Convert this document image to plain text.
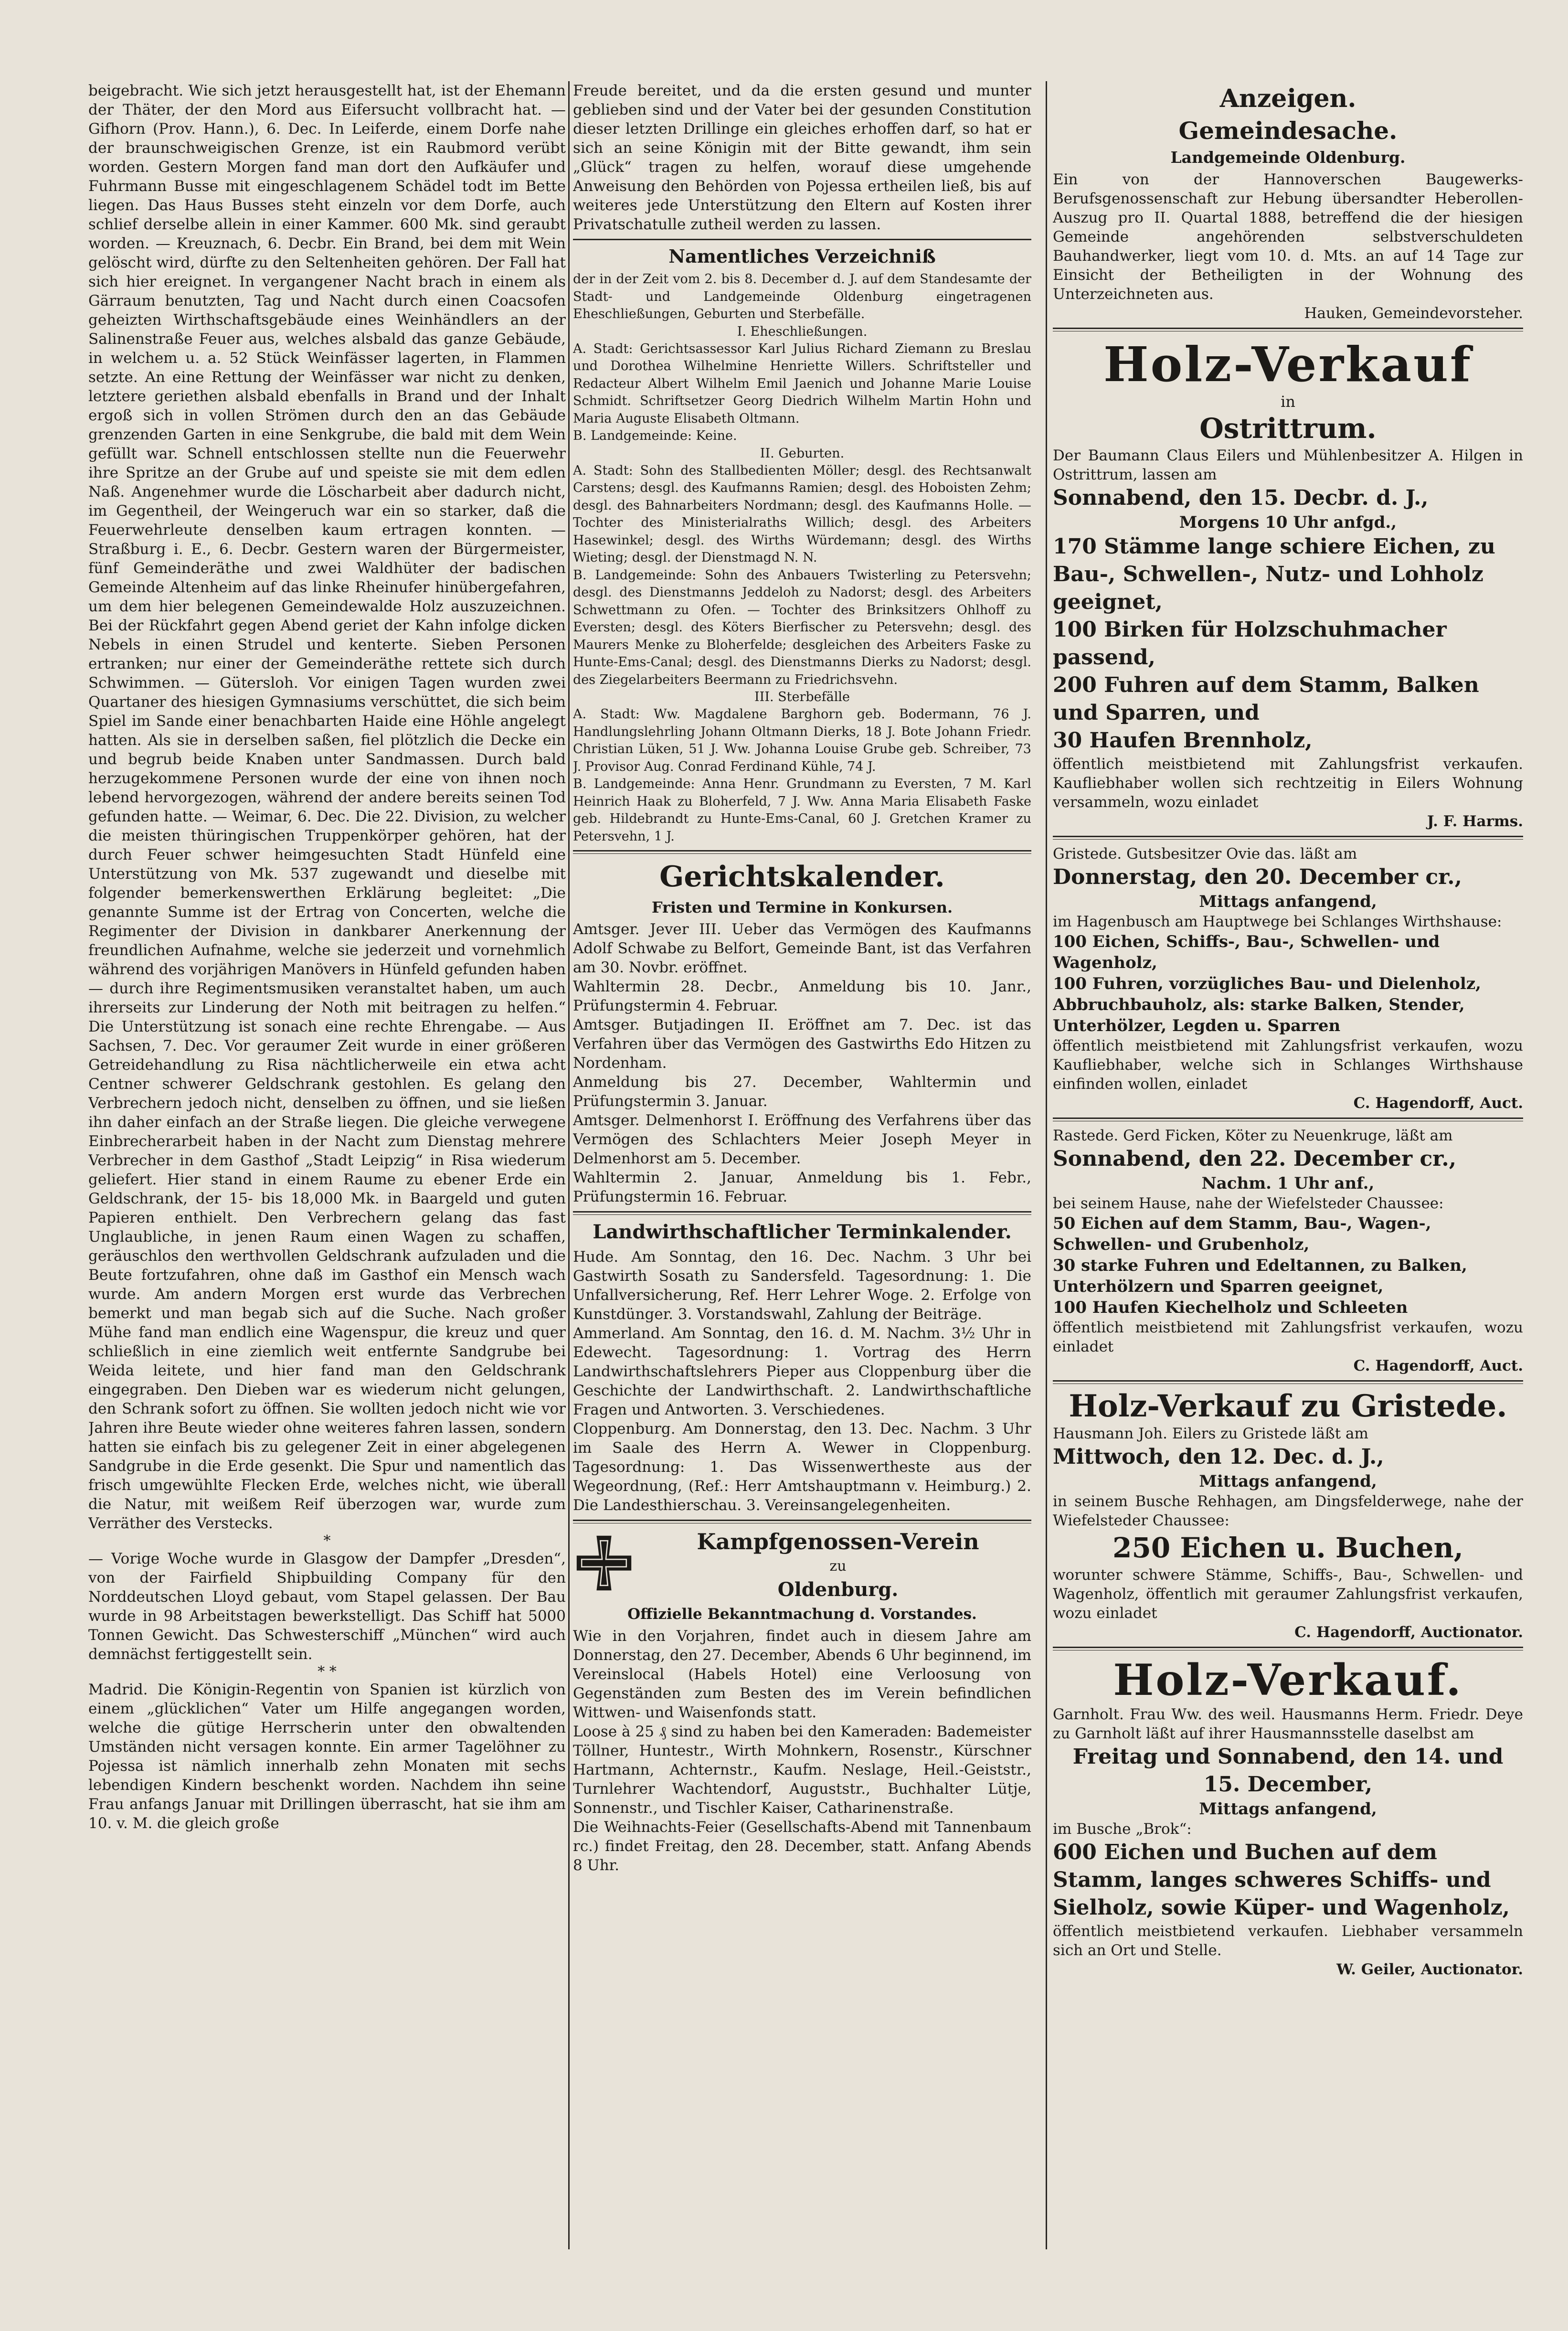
beigebracht. Wie sich jetzt herausgestellt hat, ist der Ehemann der Thäter, der den Mord aus Eifersucht vollbracht hat. — Gifhorn (Prov. Hann.), 6. Dec. In Leiferde, einem Dorfe nahe der braunschweigischen Grenze, ist ein Raubmord verübt worden. Gestern Morgen fand man dort den Aufkäufer und Fuhrmann Busse mit eingeschlagenem Schädel todt im Bette liegen. Das Haus Busses steht einzeln vor dem Dorfe, auch schlief derselbe allein in einer Kammer. 600 Mk. sind geraubt worden. — Kreuznach, 6. Decbr. Ein Brand, bei dem mit Wein gelöscht wird, dürfte zu den Seltenheiten gehören. Der Fall hat sich hier ereignet. In vergangener Nacht brach in einem als Gärraum benutzten, Tag und Nacht durch einen Coacsofen geheizten Wirthschaftsgebäude eines Weinhändlers an der Salinenstraße Feuer aus, welches alsbald das ganze Gebäude, in welchem u. a. 52 Stück Weinfässer lagerten, in Flammen setzte. An eine Rettung der Weinfässer war nicht zu denken, letztere geriethen alsbald ebenfalls in Brand und der Inhalt ergoß sich in vollen Strömen durch den an das Gebäude grenzenden Garten in eine Senkgrube, die bald mit dem Wein gefüllt war. Schnell entschlossen stellte nun die Feuerwehr ihre Spritze an der Grube auf und speiste sie mit dem edlen Naß. Angenehmer wurde die Löscharbeit aber dadurch nicht, im Gegentheil, der Weingeruch war ein so starker, daß die Feuerwehrleute denselben kaum ertragen konnten. — Straßburg i. E., 6. Decbr. Gestern waren der Bürgermeister, fünf Gemeinderäthe und zwei Waldhüter der badischen Gemeinde Altenheim auf das linke Rheinufer hinübergefahren, um dem hier belegenen Gemeindewalde Holz auszuzeichnen. Bei der Rückfahrt gegen Abend geriet der Kahn infolge dicken Nebels in einen Strudel und kenterte. Sieben Personen ertranken; nur einer der Gemeinderäthe rettete sich durch Schwimmen. — Gütersloh. Vor einigen Tagen wurden zwei Quartaner des hiesigen Gymnasiums verschüttet, die sich beim Spiel im Sande einer benachbarten Haide eine Höhle angelegt hatten. Als sie in derselben saßen, fiel plötzlich die Decke ein und begrub beide Knaben unter Sandmassen. Durch bald herzugekommene Personen wurde der eine von ihnen noch lebend hervorgezogen, während der andere bereits seinen Tod gefunden hatte. — Weimar, 6. Dec. Die 22. Division, zu welcher die meisten thüringischen Truppenkörper gehören, hat der durch Feuer schwer heimgesuchten Stadt Hünfeld eine Unterstützung von Mk. 537 zugewandt und dieselbe mit folgender bemerkenswerthen Erklärung begleitet: „Die genannte Summe ist der Ertrag von Concerten, welche die Regimenter der Division in dankbarer Anerkennung der freundlichen Aufnahme, welche sie jederzeit und vornehmlich während des vorjährigen Manövers in Hünfeld gefunden haben — durch ihre Regimentsmusiken veranstaltet haben, um auch ihrerseits zur Linderung der Noth mit beitragen zu helfen.“ Die Unterstützung ist sonach eine rechte Ehrengabe. — Aus Sachsen, 7. Dec. Vor geraumer Zeit wurde in einer größeren Getreidehandlung zu Risa nächtlicherweile ein etwa acht Centner schwerer Geldschrank gestohlen. Es gelang den Verbrechern jedoch nicht, denselben zu öffnen, und sie ließen ihn daher einfach an der Straße liegen. Die gleiche verwegene Einbrecherarbeit haben in der Nacht zum Dienstag mehrere Verbrecher in dem Gasthof „Stadt Leipzig“ in Risa wiederum geliefert. Hier stand in einem Raume zu ebener Erde ein Geldschrank, der 15- bis 18,000 Mk. in Baargeld und guten Papieren enthielt. Den Verbrechern gelang das fast Unglaubliche, in jenen Raum einen Wagen zu schaffen, geräuschlos den werthvollen Geldschrank aufzuladen und die Beute fortzufahren, ohne daß im Gasthof ein Mensch wach wurde. Am andern Morgen erst wurde das Verbrechen bemerkt und man begab sich auf die Suche. Nach großer Mühe fand man endlich eine Wagenspur, die kreuz und quer schließlich in eine ziemlich weit entfernte Sandgrube bei Weida leitete, und hier fand man den Geldschrank eingegraben. Den Dieben war es wiederum nicht gelungen, den Schrank sofort zu öffnen. Sie wollten jedoch nicht wie vor Jahren ihre Beute wieder ohne weiteres fahren lassen, sondern hatten sie einfach bis zu gelegener Zeit in einer abgelegenen Sandgrube in die Erde gesenkt. Die Spur und namentlich das frisch umgewühlte Flecken Erde, welches nicht, wie überall die Natur, mit weißem Reif überzogen war, wurde zum Verräther des Verstecks.

*

— Vorige Woche wurde in Glasgow der Dampfer „Dresden“, von der Fairfield Shipbuilding Company für den Norddeutschen Lloyd gebaut, vom Stapel gelassen. Der Bau wurde in 98 Arbeitstagen bewerkstelligt. Das Schiff hat 5000 Tonnen Gewicht. Das Schwesterschiff „München“ wird auch demnächst fertiggestellt sein.

* *

Madrid. Die Königin-Regentin von Spanien ist kürzlich von einem „glücklichen“ Vater um Hilfe angegangen worden, welche die gütige Herrscherin unter den obwaltenden Umständen nicht versagen konnte. Ein armer Tagelöhner zu Pojessa ist nämlich innerhalb zehn Monaten mit sechs lebendigen Kindern beschenkt worden. Nachdem ihn seine Frau anfangs Januar mit Drillingen überrascht, hat sie ihm am 10. v. M. die gleich große

Freude bereitet, und da die ersten gesund und munter geblieben sind und der Vater bei der gesunden Constitution dieser letzten Drillinge ein gleiches erhoffen darf, so hat er sich an seine Königin mit der Bitte gewandt, ihm sein „Glück“ tragen zu helfen, worauf diese umgehende Anweisung den Behörden von Pojessa ertheilen ließ, bis auf weiteres jede Unterstützung den Eltern auf Kosten ihrer Privatschatulle zutheil werden zu lassen.

Namentliches Verzeichniß

der in der Zeit vom 2. bis 8. December d. J. auf dem Standesamte der Stadt- und Landgemeinde Oldenburg eingetragenen Eheschließungen, Geburten und Sterbefälle.

I. Eheschließungen.

A. Stadt: Gerichtsassessor Karl Julius Richard Ziemann zu Breslau und Dorothea Wilhelmine Henriette Willers. Schriftsteller und Redacteur Albert Wilhelm Emil Jaenich und Johanne Marie Louise Schmidt. Schriftsetzer Georg Diedrich Wilhelm Martin Hohn und Maria Auguste Elisabeth Oltmann.

B. Landgemeinde: Keine.

II. Geburten.

A. Stadt: Sohn des Stallbedienten Möller; desgl. des Rechtsanwalt Carstens; desgl. des Kaufmanns Ramien; desgl. des Hoboisten Zehm; desgl. des Bahnarbeiters Nordmann; desgl. des Kaufmanns Holle. — Tochter des Ministerialraths Willich; desgl. des Arbeiters Hasewinkel; desgl. des Wirths Würdemann; desgl. des Wirths Wieting; desgl. der Dienstmagd N. N.

B. Landgemeinde: Sohn des Anbauers Twisterling zu Petersvehn; desgl. des Dienstmanns Jeddeloh zu Nadorst; desgl. des Arbeiters Schwettmann zu Ofen. — Tochter des Brinksitzers Ohlhoff zu Eversten; desgl. des Köters Bierfischer zu Petersvehn; desgl. des Maurers Menke zu Bloherfelde; desgleichen des Arbeiters Faske zu Hunte-Ems-Canal; desgl. des Dienstmanns Dierks zu Nadorst; desgl. des Ziegelarbeiters Beermann zu Friedrichsvehn.

III. Sterbefälle

A. Stadt: Ww. Magdalene Barghorn geb. Bodermann, 76 J. Handlungslehrling Johann Oltmann Dierks, 18 J. Bote Johann Friedr. Christian Lüken, 51 J. Ww. Johanna Louise Grube geb. Schreiber, 73 J. Provisor Aug. Conrad Ferdinand Kühle, 74 J.

B. Landgemeinde: Anna Henr. Grundmann zu Eversten, 7 M. Karl Heinrich Haak zu Bloherfeld, 7 J. Ww. Anna Maria Elisabeth Faske geb. Hildebrandt zu Hunte-Ems-Canal, 60 J. Gretchen Kramer zu Petersvehn, 1 J.

Gerichtskalender.
Fristen und Termine in Konkursen.

Amtsger. Jever III. Ueber das Vermögen des Kaufmanns Adolf Schwabe zu Belfort, Gemeinde Bant, ist das Verfahren am 30. Novbr. eröffnet.

Wahltermin 28. Decbr., Anmeldung bis 10. Janr., Prüfungstermin 4. Februar.

Amtsger. Butjadingen II. Eröffnet am 7. Dec. ist das Verfahren über das Vermögen des Gastwirths Edo Hitzen zu Nordenham.

Anmeldung bis 27. December, Wahltermin und Prüfungstermin 3. Januar.

Amtsger. Delmenhorst I. Eröffnung des Verfahrens über das Vermögen des Schlachters Meier Joseph Meyer in Delmenhorst am 5. December.

Wahltermin 2. Januar, Anmeldung bis 1. Febr., Prüfungstermin 16. Februar.

Landwirthschaftlicher Terminkalender.

Hude. Am Sonntag, den 16. Dec. Nachm. 3 Uhr bei Gastwirth Sosath zu Sandersfeld. Tagesordnung: 1. Die Unfallversicherung, Ref. Herr Lehrer Woge. 2. Erfolge von Kunstdünger. 3. Vorstandswahl, Zahlung der Beiträge.

Ammerland. Am Sonntag, den 16. d. M. Nachm. 3½ Uhr in Edewecht. Tagesordnung: 1. Vortrag des Herrn Landwirthschaftslehrers Pieper aus Cloppenburg über die Geschichte der Landwirthschaft. 2. Landwirthschaftliche Fragen und Antworten. 3. Verschiedenes.

Cloppenburg. Am Donnerstag, den 13. Dec. Nachm. 3 Uhr im Saale des Herrn A. Wewer in Cloppenburg. Tagesordnung: 1. Das Wissenwertheste aus der Wegeordnung, (Ref.: Herr Amtshauptmann v. Heimburg.) 2. Die Landesthierschau. 3. Vereinsangelegenheiten.

Kampfgenossen-Verein
zu
Oldenburg.
Offizielle Bekanntmachung d. Vorstandes.

Wie in den Vorjahren, findet auch in diesem Jahre am Donnerstag, den 27. December, Abends 6 Uhr beginnend, im Vereinslocal (Habels Hotel) eine Verloosung von Gegenständen zum Besten des im Verein befindlichen Wittwen- und Waisenfonds statt.

Loose à 25 ₰ sind zu haben bei den Kameraden: Bademeister Töllner, Huntestr., Wirth Mohnkern, Rosenstr., Kürschner Hartmann, Achternstr., Kaufm. Neslage, Heil.-Geiststr., Turnlehrer Wachtendorf, Auguststr., Buchhalter Lütje, Sonnenstr., und Tischler Kaiser, Catharinenstraße.

Die Weihnachts-Feier (Gesellschafts-Abend mit Tannenbaum rc.) findet Freitag, den 28. December, statt. Anfang Abends 8 Uhr.

Anzeigen.
Gemeindesache.
Landgemeinde Oldenburg.

Ein von der Hannoverschen Baugewerks-Berufsgenossenschaft zur Hebung übersandter Heberollen-Auszug pro II. Quartal 1888, betreffend die der hiesigen Gemeinde angehörenden selbstverschuldeten Bauhandwerker, liegt vom 10. d. Mts. an auf 14 Tage zur Einsicht der Betheiligten in der Wohnung des Unterzeichneten aus.

Hauken, Gemeindevorsteher.

Holz-Verkauf
in
Ostrittrum.

Der Baumann Claus Eilers und Mühlenbesitzer A. Hilgen in Ostrittrum, lassen am

Sonnabend, den 15. Decbr. d. J.,
Morgens 10 Uhr anfgd.,
170 Stämme lange schiere Eichen, zu Bau-, Schwellen-, Nutz- und Lohholz geeignet,
100 Birken für Holzschuhmacher passend,
200 Fuhren auf dem Stamm, Balken und Sparren, und
30 Haufen Brennholz,

öffentlich meistbietend mit Zahlungsfrist verkaufen. Kaufliebhaber wollen sich rechtzeitig in Eilers Wohnung versammeln, wozu einladet

J. F. Harms.

Gristede. Gutsbesitzer Ovie das. läßt am

Donnerstag, den 20. December cr.,
Mittags anfangend,

im Hagenbusch am Hauptwege bei Schlanges Wirthshause:

100 Eichen, Schiffs-, Bau-, Schwellen- und Wagenholz,
100 Fuhren, vorzügliches Bau- und Dielenholz,
Abbruchbauholz, als: starke Balken, Stender, Unterhölzer, Legden u. Sparren

öffentlich meistbietend mit Zahlungsfrist verkaufen, wozu Kaufliebhaber, welche sich in Schlanges Wirthshause einfinden wollen, einladet

C. Hagendorff, Auct.

Rastede. Gerd Ficken, Köter zu Neuenkruge, läßt am

Sonnabend, den 22. December cr.,
Nachm. 1 Uhr anf.,

bei seinem Hause, nahe der Wiefelsteder Chaussee:

50 Eichen auf dem Stamm, Bau-, Wagen-, Schwellen- und Grubenholz,
30 starke Fuhren und Edeltannen, zu Balken, Unterhölzern und Sparren geeignet,
100 Haufen Kiechelholz und Schleeten

öffentlich meistbietend mit Zahlungsfrist verkaufen, wozu einladet

C. Hagendorff, Auct.

Holz-Verkauf zu Gristede.

Hausmann Joh. Eilers zu Gristede läßt am

Mittwoch, den 12. Dec. d. J.,
Mittags anfangend,

in seinem Busche Rehhagen, am Dingsfelderwege, nahe der Wiefelsteder Chaussee:

250 Eichen u. Buchen,

worunter schwere Stämme, Schiffs-, Bau-, Schwellen- und Wagenholz, öffentlich mit geraumer Zahlungsfrist verkaufen, wozu einladet

C. Hagendorff, Auctionator.

Holz-Verkauf.

Garnholt. Frau Ww. des weil. Hausmanns Herm. Friedr. Deye zu Garnholt läßt auf ihrer Hausmannsstelle daselbst am

Freitag und Sonnabend, den 14. und 15. December,
Mittags anfangend,

im Busche „Brok“:

600 Eichen und Buchen auf dem Stamm, langes schweres Schiffs- und Sielholz, sowie Küper- und Wagenholz,

öffentlich meistbietend verkaufen. Liebhaber versammeln sich an Ort und Stelle.

W. Geiler, Auctionator.
